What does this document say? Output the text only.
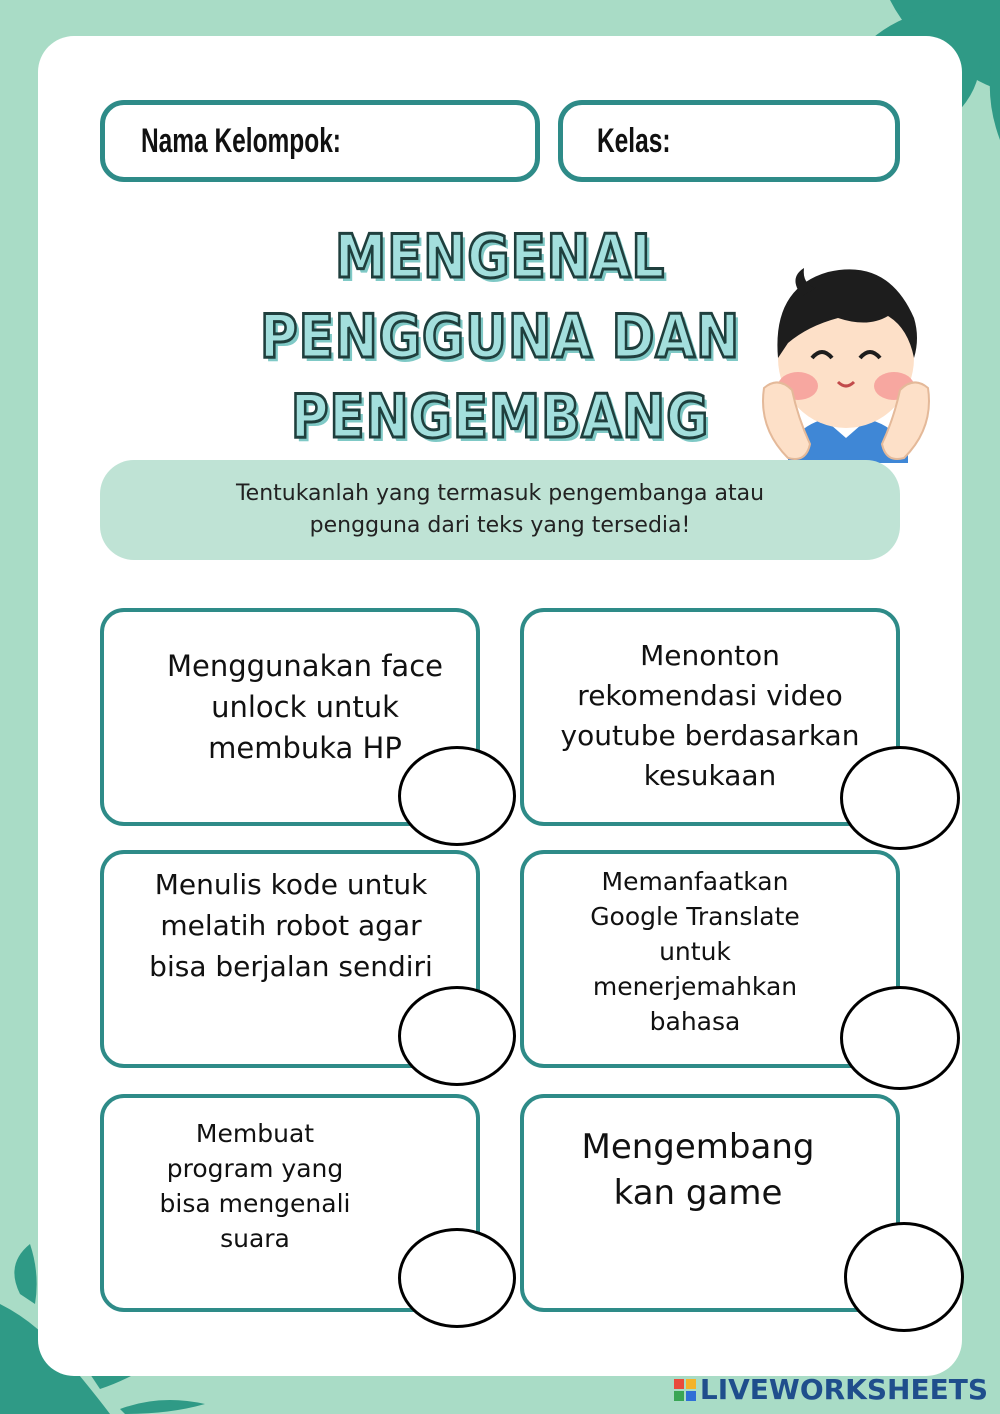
Nama Kelompok:	Kelas:
MENGENAL
PENGGUNA DAN
PENGEMBANG
Tentukanlah yang termasuk pengembanga atau
pengguna dari teks yang tersedia!
Menggunakan face
unlock untuk
membuka HP
Menonton
rekomendasi video
youtube berdasarkan
kesukaan
Menulis kode untuk
melatih robot agar
bisa berjalan sendiri
Memanfaatkan
Google Translate
untuk
menerjemahkan
bahasa
Membuat
program yang
bisa mengenali
suara
Mengembang
kan game
LIVEWORKSHEETS
